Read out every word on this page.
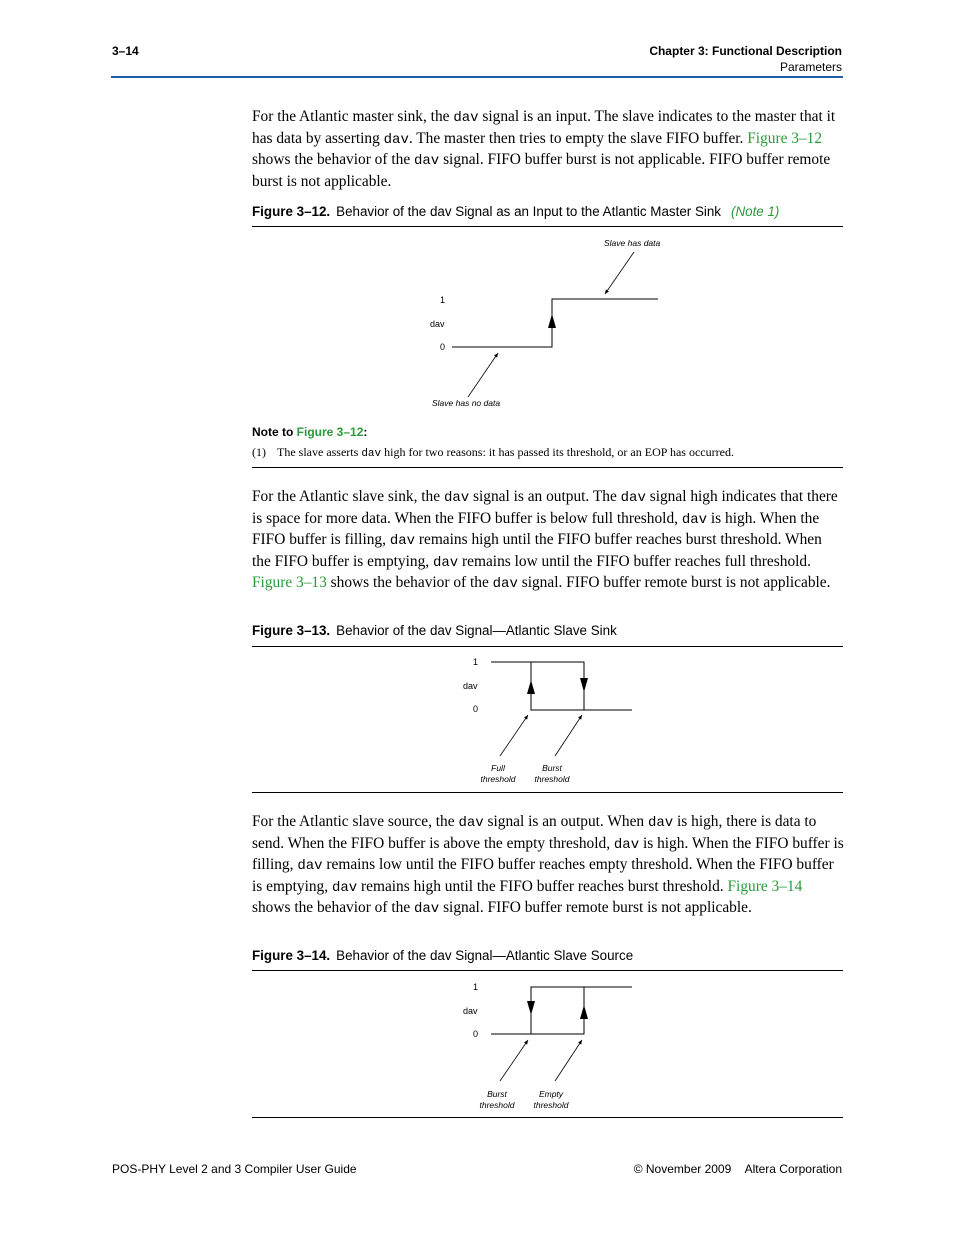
3–14	Chapter 3: Functional Description
Parameters

For the Atlantic master sink, the dav signal is an input. The slave indicates to the master that it has data by asserting dav. The master then tries to empty the slave FIFO buffer. Figure 3–12 shows the behavior of the dav signal. FIFO buffer burst is not applicable. FIFO buffer remote burst is not applicable.

Figure 3–12. Behavior of the dav Signal as an Input to the Atlantic Master Sink (Note 1)
1
dav
0
Slave has data
Slave has no data
Note to Figure 3–12:
(1) The slave asserts dav high for two reasons: it has passed its threshold, or an EOP has occurred.

For the Atlantic slave sink, the dav signal is an output. The dav signal high indicates that there is space for more data. When the FIFO buffer is below full threshold, dav is high. When the FIFO buffer is filling, dav remains high until the FIFO buffer reaches burst threshold. When the FIFO buffer is emptying, dav remains low until the FIFO buffer reaches full threshold. Figure 3–13 shows the behavior of the dav signal. FIFO buffer remote burst is not applicable.

Figure 3–13. Behavior of the dav Signal—Atlantic Slave Sink
1
dav
0
Full
threshold
Burst
threshold

For the Atlantic slave source, the dav signal is an output. When dav is high, there is data to send. When the FIFO buffer is above the empty threshold, dav is high. When the FIFO buffer is filling, dav remains low until the FIFO buffer reaches empty threshold. When the FIFO buffer is emptying, dav remains high until the FIFO buffer reaches burst threshold. Figure 3–14 shows the behavior of the dav signal. FIFO buffer remote burst is not applicable.

Figure 3–14. Behavior of the dav Signal—Atlantic Slave Source
1
dav
0
Burst
threshold
Empty
threshold
POS-PHY Level 2 and 3 Compiler User Guide	© November 2009 Altera Corporation
